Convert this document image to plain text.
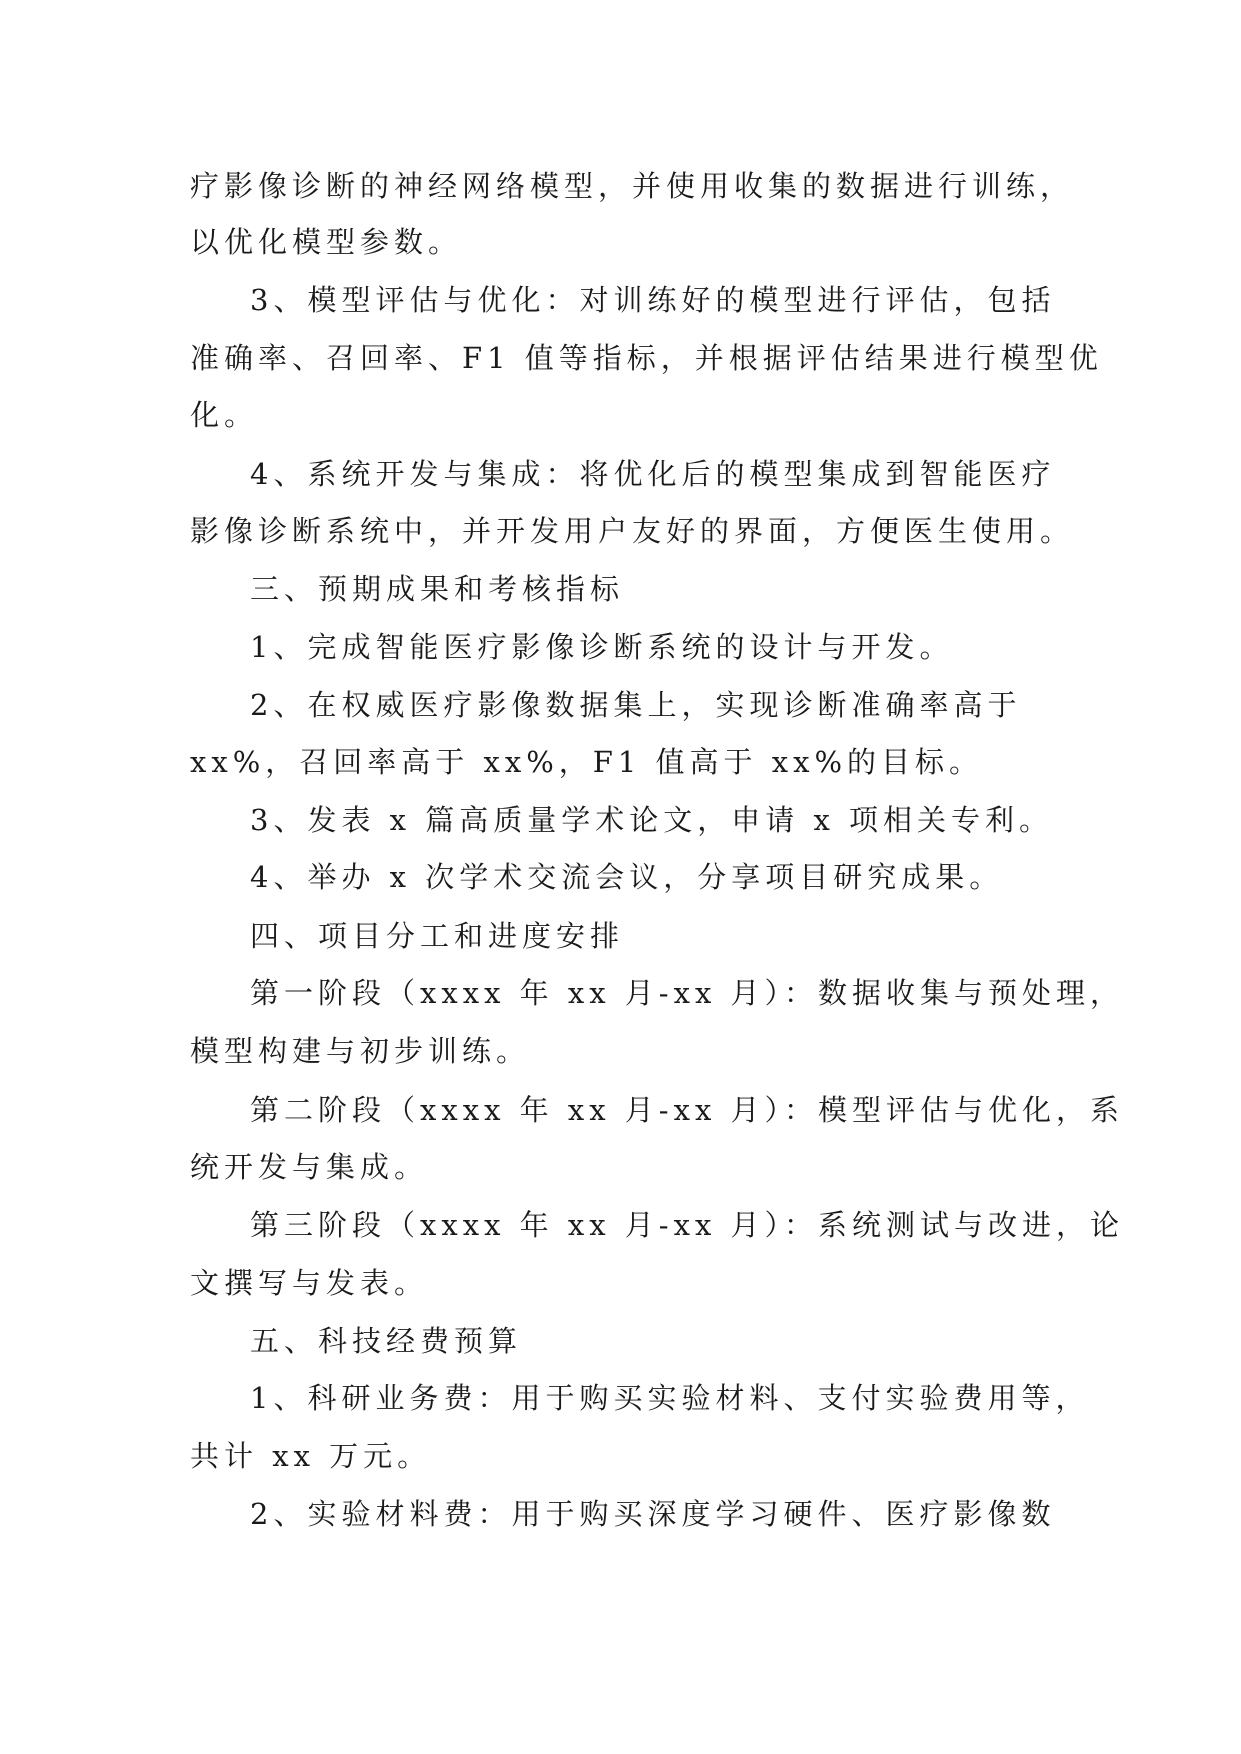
疗影像诊断的神经网络模型，并使用收集的数据进行训练，
以优化模型参数。
3、模型评估与优化：对训练好的模型进行评估，包括
准确率、召回率、F1 值等指标，并根据评估结果进行模型优
化。
4、系统开发与集成：将优化后的模型集成到智能医疗
影像诊断系统中，并开发用户友好的界面，方便医生使用。
三、预期成果和考核指标
1、完成智能医疗影像诊断系统的设计与开发。
2、在权威医疗影像数据集上，实现诊断准确率高于
xx%，召回率高于 xx%，F1 值高于 xx%的目标。
3、发表 x 篇高质量学术论文，申请 x 项相关专利。
4、举办 x 次学术交流会议，分享项目研究成果。
四、项目分工和进度安排
第一阶段（xxxx 年 xx 月-xx 月）：数据收集与预处理，
模型构建与初步训练。
第二阶段（xxxx 年 xx 月-xx 月）：模型评估与优化，系
统开发与集成。
第三阶段（xxxx 年 xx 月-xx 月）：系统测试与改进，论
文撰写与发表。
五、科技经费预算
1、科研业务费：用于购买实验材料、支付实验费用等，
共计 xx 万元。
2、实验材料费：用于购买深度学习硬件、医疗影像数
